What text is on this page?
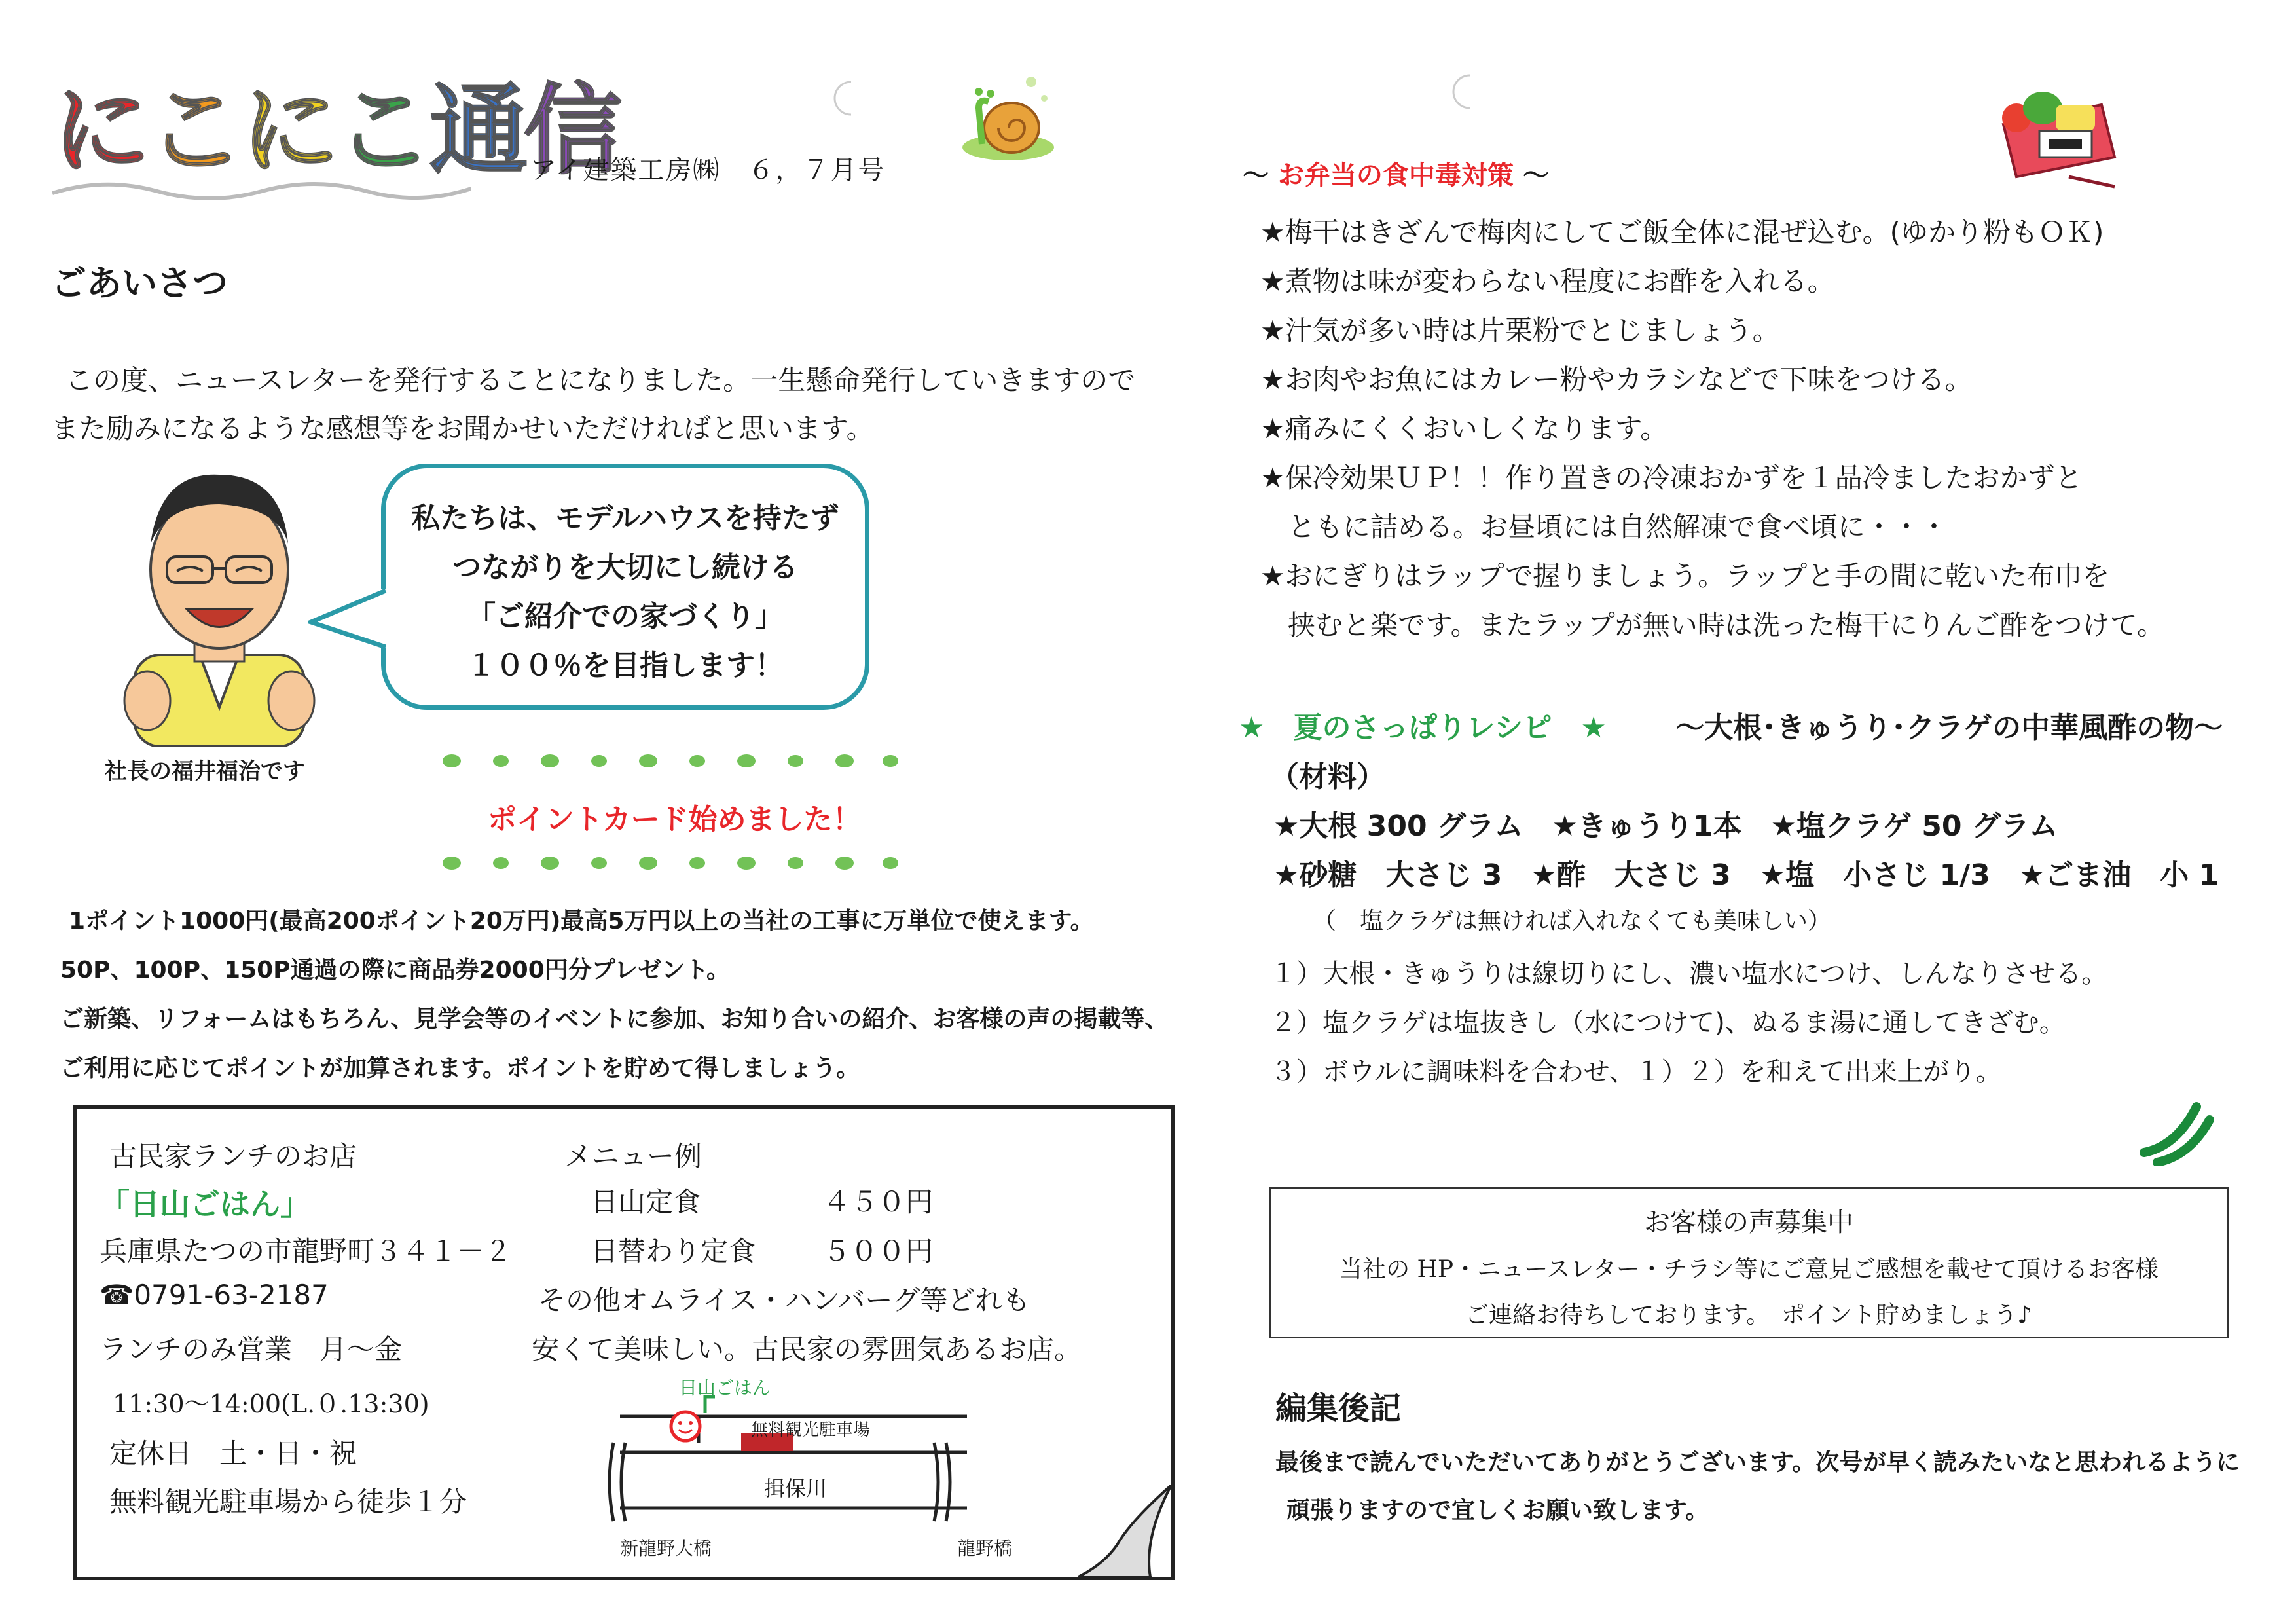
にこにこ通信
アイ建築工房㈱　６，７月号
ごあいさつ
この度、ニュースレターを発行することになりました。一生懸命発行していきますので
また励みになるような感想等をお聞かせいただければと思います。
社長の福井福治です
私たちは、モデルハウスを持たず
つながりを大切にし続ける
「ご紹介での家づくり」
１００％を目指します！
ポイントカード始めました！
1ポイント1000円(最高200ポイント20万円)最高5万円以上の当社の工事に万単位で使えます。
50P、100P、150P通過の際に商品券2000円分プレゼント。
ご新築、リフォームはもちろん、見学会等のイベントに参加、お知り合いの紹介、お客様の声の掲載等、
ご利用に応じてポイントが加算されます。ポイントを貯めて得しましょう。
古民家ランチのお店
「日山ごはん」
兵庫県たつの市龍野町３４１－２
☎0791-63-2187
ランチのみ営業　月～金
11:30～14:00(L.０.13:30)
定休日　土・日・祝
無料観光駐車場から徒歩１分
メニュー例
日山定食	４５０円
日替わり定食 ５００円
その他オムライス・ハンバーグ等どれも
安くて美味しい。古民家の雰囲気あるお店。
日山ごはん
無料観光駐車場
揖保川
新龍野大橋	龍野橋
～ お弁当の食中毒対策 ～
★梅干はきざんで梅肉にしてご飯全体に混ぜ込む。(ゆかり粉もＯＫ)
★煮物は味が変わらない程度にお酢を入れる。
★汁気が多い時は片栗粉でとじましょう。
★お肉やお魚にはカレー粉やカラシなどで下味をつける。
★痛みにくくおいしくなります。
★保冷効果ＵＰ！！作り置きの冷凍おかずを１品冷ましたおかずと
　ともに詰める。お昼頃には自然解凍で食べ頃に・・・
★おにぎりはラップで握りましょう。ラップと手の間に乾いた布巾を
　挟むと楽です。またラップが無い時は洗った梅干にりんご酢をつけて。
★　夏のさっぱりレシピ　★ ～大根･きゅうり･クラゲの中華風酢の物～
（材料）
★大根 300 グラム　★きゅうり1本　★塩クラゲ 50 グラム
★砂糖　大さじ 3　★酢　大さじ 3　★塩　小さじ 1/3　★ごま油　小 1
（　塩クラゲは無ければ入れなくても美味しい）
１）大根・きゅうりは線切りにし、濃い塩水につけ、しんなりさせる。
２）塩クラゲは塩抜きし（水につけて)、ぬるま湯に通してきざむ。
３）ボウルに調味料を合わせ、１）２）を和えて出来上がり。
お客様の声募集中
当社の HP・ニュースレター・チラシ等にご意見ご感想を載せて頂けるお客様
ご連絡お待ちしております。　ポイント貯めましょう♪
編集後記
最後まで読んでいただいてありがとうございます。次号が早く読みたいなと思われるように
頑張りますので宜しくお願い致します。
